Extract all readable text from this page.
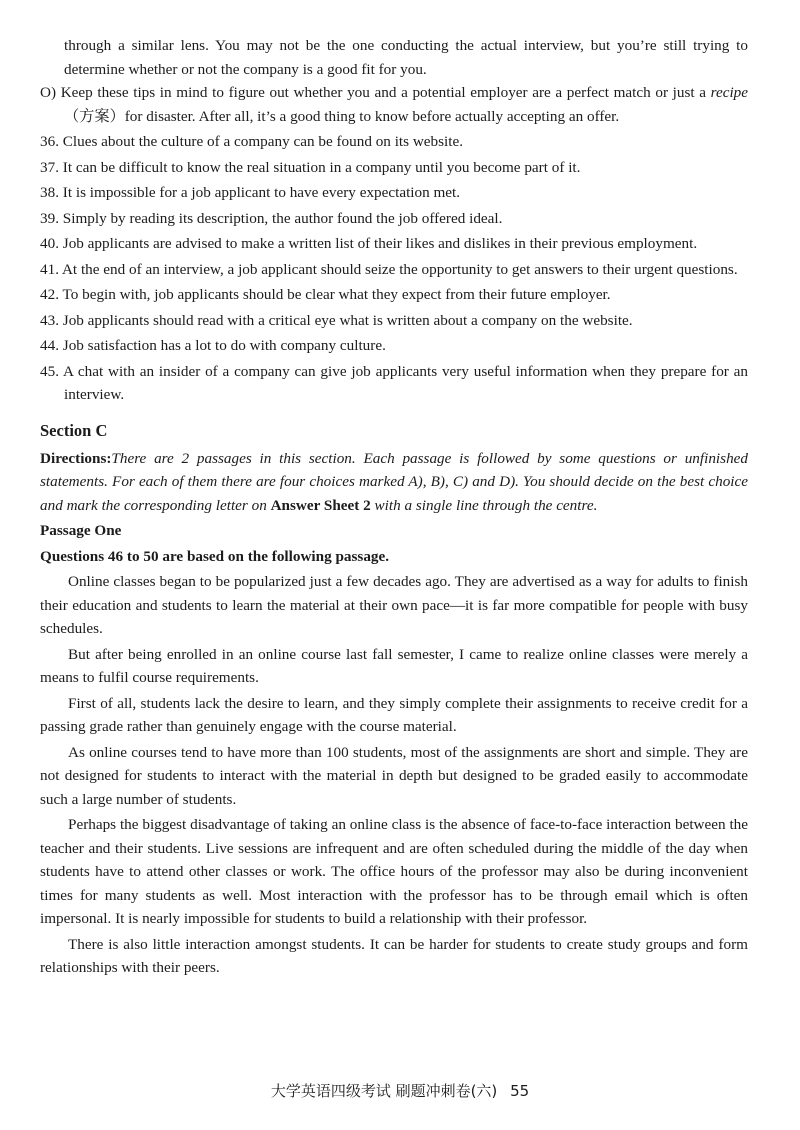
through a similar lens. You may not be the one conducting the actual interview, but you’re still trying to determine whether or not the company is a good fit for you.

O) Keep these tips in mind to figure out whether you and a potential employer are a perfect match or just a recipe（方案）for disaster. After all, it’s a good thing to know before actually accepting an offer.

36. Clues about the culture of a company can be found on its website.

37. It can be difficult to know the real situation in a company until you become part of it.

38. It is impossible for a job applicant to have every expectation met.

39. Simply by reading its description, the author found the job offered ideal.

40. Job applicants are advised to make a written list of their likes and dislikes in their previous employment.

41. At the end of an interview, a job applicant should seize the opportunity to get answers to their urgent questions.

42. To begin with, job applicants should be clear what they expect from their future employer.

43. Job applicants should read with a critical eye what is written about a company on the website.

44. Job satisfaction has a lot to do with company culture.

45. A chat with an insider of a company can give job applicants very useful information when they prepare for an interview.

Section C

Directions:There are 2 passages in this section. Each passage is followed by some questions or unfinished statements. For each of them there are four choices marked A), B), C) and D). You should decide on the best choice and mark the corresponding letter on Answer Sheet 2 with a single line through the centre.

Passage One

Questions 46 to 50 are based on the following passage.

Online classes began to be popularized just a few decades ago. They are advertised as a way for adults to finish their education and students to learn the material at their own pace—it is far more compatible for people with busy schedules.

But after being enrolled in an online course last fall semester, I came to realize online classes were merely a means to fulfil course requirements.

First of all, students lack the desire to learn, and they simply complete their assignments to receive credit for a passing grade rather than genuinely engage with the course material.

As online courses tend to have more than 100 students, most of the assignments are short and simple. They are not designed for students to interact with the material in depth but designed to be graded easily to accommodate such a large number of students.

Perhaps the biggest disadvantage of taking an online class is the absence of face-to-face interaction between the teacher and their students. Live sessions are infrequent and are often scheduled during the middle of the day when students have to attend other classes or work. The office hours of the professor may also be during inconvenient times for many students as well. Most interaction with the professor has to be through email which is often impersonal. It is nearly impossible for students to build a relationship with their professor.

There is also little interaction amongst students. It can be harder for students to create study groups and form relationships with their peers.

大学英语四级考试 刷题冲刺卷(六) 55
